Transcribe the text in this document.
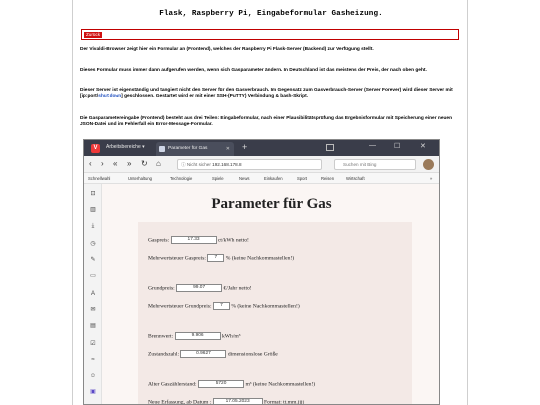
Flask, Raspberry Pi, Eingabeformular Gasheizung.
Zurück
Der Vivaldi-Browser zeigt hier ein Formular an (Frontend), welches der Raspberry Pi Flask-Server (Backend) zur Verfügung stellt.
Dieses Formular muss immer dann aufgerufen werden, wenn sich Gasparameter ändern. In Deutschland ist das meistens der Preis, der nach oben geht.
Dieser Server ist eigenständig und tangiert nicht den Server für den Gasverbrauch. Im Gegensatz zum Gasverbrauch-Server (Server Forever) wird dieser Server mit [ip:port/shutdown] geschlossen. Gestartet wird er mit einer SSH-(PuTTY) Verbindung & bash-Skript.
Die Gasparametereingabe (Frontend) besteht aus drei Teilen: Eingabeformular, nach einer Plausibilitätsprüfung das Ergebnisformular mit Speicherung einer neuen JSON-Datei und im Fehlerfall ein Error-Message-Formular.
V	Arbeitsbereiche ▾	Parameter für Gas	✕ +	—	☐	✕
‹ › « » ↻ ⌂	ⓘ Nicht sicher 192.168.178.8	Suchen mit Bing
Schnellwahl	Unterhaltung	Technologie	Spiele	News	Einkaufen	Sport	Reisen	Wirtschaft	»
⊡
▥
⤓
◷
✎
▭
A
✉
▤
☑
≈
☺
▣
Parameter für Gas
Gaspreis:	17.33	ct/kWh netto!
Mehrwertsteuer Gaspreis: 7 % (keine Nachkommastellen!)
Grundpreis:	99.07	€/Jahr netto!
Mehrwertsteuer Grundpreis: 7 % (keine Nachkommastellen!)
Brennwert:	9.906	kWh/m³
Zustandszahl:	0.9627	dimensionslose Größe
Alter Gaszählerstand:	5720	m³ (keine Nachkommastellen!)
Neue Erfassung, ab Datum :	17.05.2023	Format: tt.mm.jjjj
